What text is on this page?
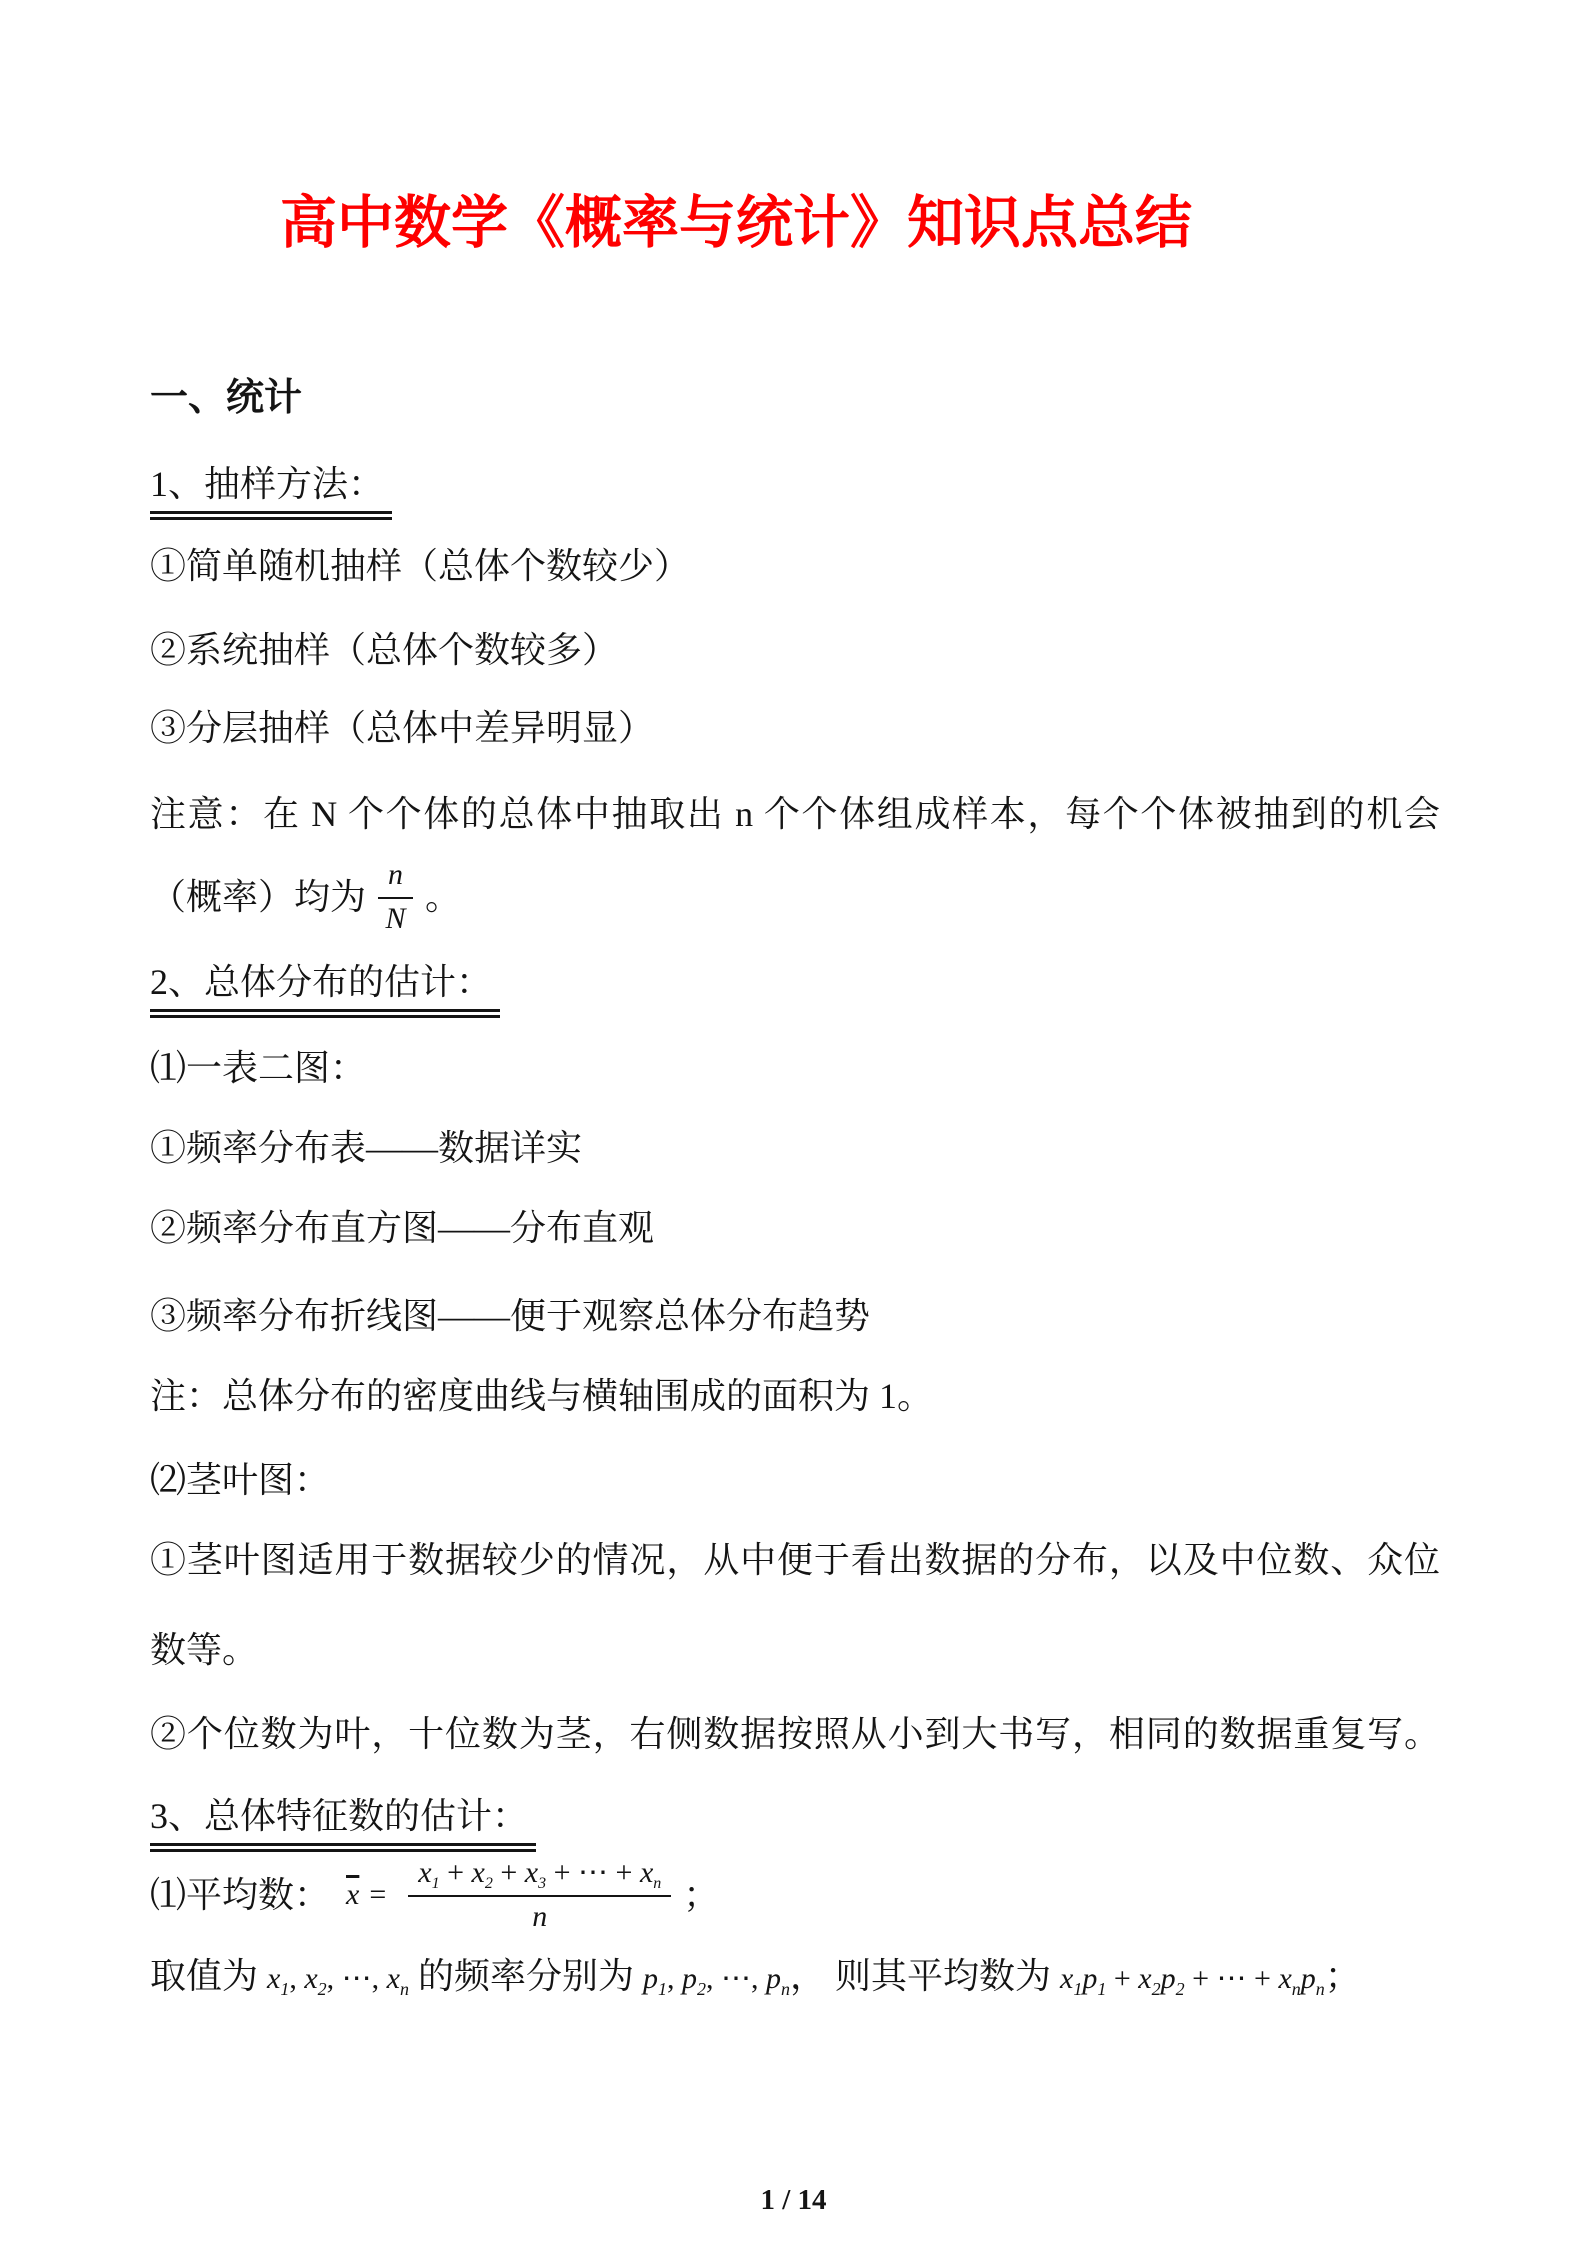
高中数学《概率与统计》知识点总结
一、统计
1、抽样方法：
①简单随机抽样（总体个数较少）
②系统抽样（总体个数较多）
③分层抽样（总体中差异明显）
注意：在 N 个个体的总体中抽取出 n 个个体组成样本，每个个体被抽到的机会
（概率）均为 $\frac{n}{N}$ 。
2、总体分布的估计：
⑴一表二图：
①频率分布表——数据详实
②频率分布直方图——分布直观
③频率分布折线图——便于观察总体分布趋势
注：总体分布的密度曲线与横轴围成的面积为 1。
⑵茎叶图：
①茎叶图适用于数据较少的情况，从中便于看出数据的分布，以及中位数、众位
数等。
②个位数为叶，十位数为茎，右侧数据按照从小到大书写，相同的数据重复写。
3、总体特征数的估计：
⑴平均数： $\overline{x} = \frac{x_1 + x_2 + x_3 + \cdots + x_n}{n}$ ；
取值为 $x_1$, $x_2$, ⋯, $x_n$ 的频率分别为 $p_1$, $p_2$, ⋯, $p_n$， 则其平均数为 $x_1p_1 + x_2p_2$ + ⋯ + $x_np_n$；
1 / 14
